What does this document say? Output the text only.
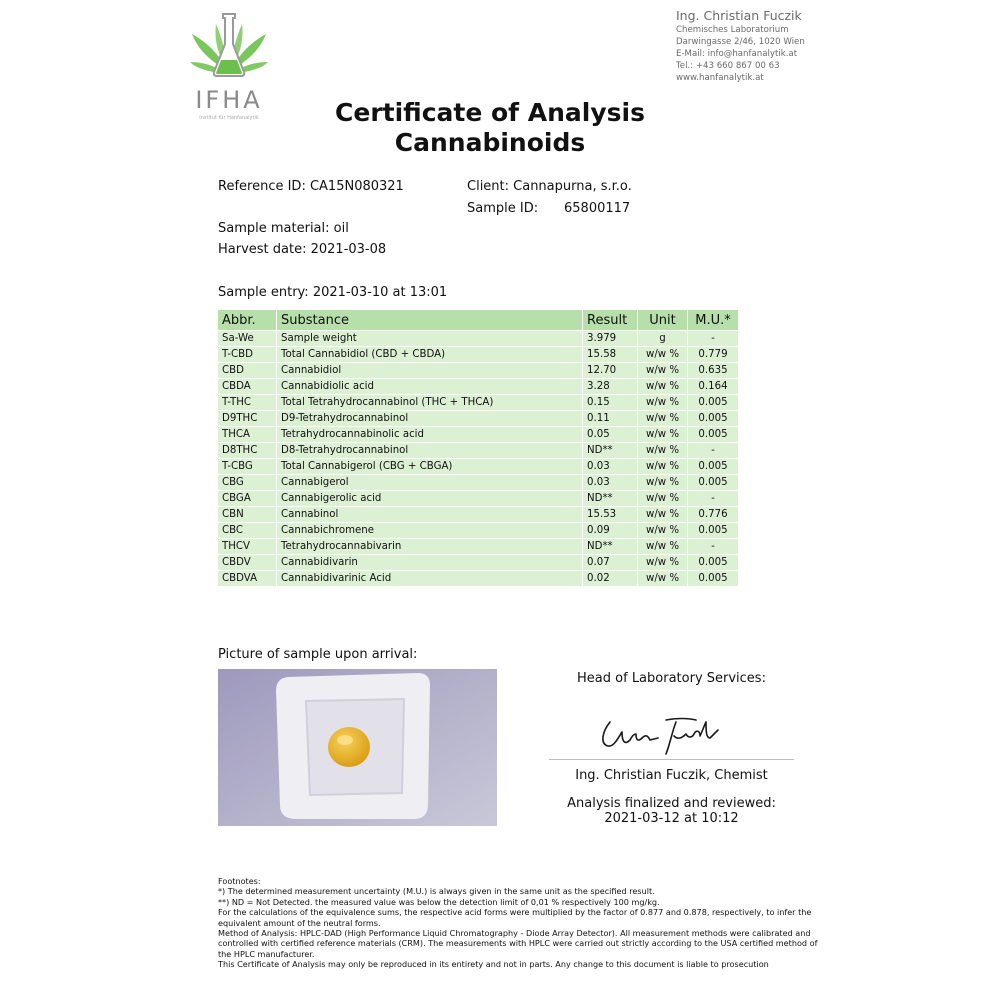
IFHA
Institut für Hanfanalytik
Ing. Christian Fuczik
Chemisches Laboratorium
Darwingasse 2/46, 1020 Wien
E-Mail: info@hanfanalytik.at
Tel.: +43 660 867 00 63
www.hanfanalytik.at
Certificate of Analysis
Cannabinoids
Reference ID: CA15N080321	Client: Cannapurna, s.r.o.
Sample ID: 65800117
Sample material: oil
Harvest date: 2021-03-08
Sample entry: 2021-03-10 at 13:01
Abbr.	Substance	Result	Unit	M.U.*
Sa-We	Sample weight	3.979	g	-
T-CBD	Total Cannabidiol (CBD + CBDA)	15.58	w/w %	0.779
CBD	Cannabidiol	12.70	w/w %	0.635
CBDA	Cannabidiolic acid	3.28	w/w %	0.164
T-THC	Total Tetrahydrocannabinol (THC + THCA)	0.15	w/w %	0.005
D9THC	D9-Tetrahydrocannabinol	0.11	w/w %	0.005
THCA	Tetrahydrocannabinolic acid	0.05	w/w %	0.005
D8THC	D8-Tetrahydrocannabinol	ND**	w/w %	-
T-CBG	Total Cannabigerol (CBG + CBGA)	0.03	w/w %	0.005
CBG	Cannabigerol	0.03	w/w %	0.005
CBGA	Cannabigerolic acid	ND**	w/w %	-
CBN	Cannabinol	15.53	w/w %	0.776
CBC	Cannabichromene	0.09	w/w %	0.005
THCV	Tetrahydrocannabivarin	ND**	w/w %	-
CBDV	Cannabidivarin	0.07	w/w %	0.005
CBDVA	Cannabidivarinic Acid	0.02	w/w %	0.005
Picture of sample upon arrival:
Head of Laboratory Services:
Ing. Christian Fuczik, Chemist
Analysis finalized and reviewed:
2021-03-12 at 10:12
Footnotes:
*) The determined measurement uncertainty (M.U.) is always given in the same unit as the specified result.
**) ND = Not Detected. the measured value was below the detection limit of 0,01 % respectively 100 mg/kg.
For the calculations of the equivalence sums, the respective acid forms were multiplied by the factor of 0.877 and 0.878, respectively, to infer the equivalent amount of the neutral forms.
Method of Analysis: HPLC-DAD (High Performance Liquid Chromatography - Diode Array Detector). All measurement methods were calibrated and controlled with certified reference materials (CRM). The measurements with HPLC were carried out strictly according to the USA certified method of the HPLC manufacturer.
This Certificate of Analysis may only be reproduced in its entirety and not in parts. Any change to this document is liable to prosecution
